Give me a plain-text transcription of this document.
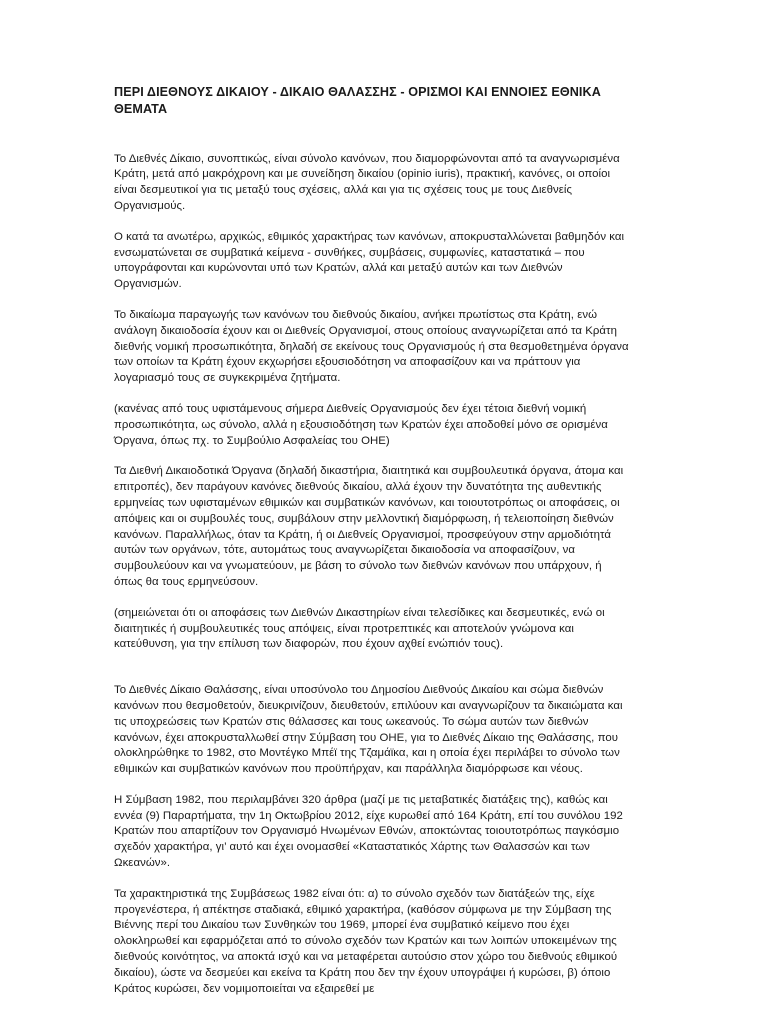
ΠΕΡΙ ΔΙΕΘΝΟΥΣ ΔΙΚΑΙΟΥ - ΔΙΚΑΙΟ ΘΑΛΑΣΣΗΣ - ΟΡΙΣΜΟΙ ΚΑΙ ΕΝΝΟΙΕΣ ΕΘΝΙΚΑ ΘΕΜΑΤΑ

Το Διεθνές Δίκαιο, συνοπτικώς, είναι σύνολο κανόνων, που διαμορφώνονται από τα αναγνωρισμένα Κράτη, μετά από μακρόχρονη και με συνείδηση δικαίου (opinio iuris), πρακτική, κανόνες, οι οποίοι είναι δεσμευτικοί για τις μεταξύ τους σχέσεις, αλλά και για τις σχέσεις τους με τους Διεθνείς Οργανισμούς.

Ο κατά τα ανωτέρω, αρχικώς, εθιμικός χαρακτήρας των κανόνων, αποκρυσταλλώνεται βαθμηδόν και ενσωματώνεται σε συμβατικά κείμενα - συνθήκες, συμβάσεις, συμφωνίες, καταστατικά – που υπογράφονται και κυρώνονται υπό των Κρατών, αλλά και μεταξύ αυτών και των Διεθνών Οργανισμών.

Το δικαίωμα παραγωγής των κανόνων του διεθνούς δικαίου, ανήκει πρωτίστως στα Κράτη, ενώ ανάλογη δικαιοδοσία έχουν και οι Διεθνείς Οργανισμοί, στους οποίους αναγνωρίζεται από τα Κράτη διεθνής νομική προσωπικότητα, δηλαδή σε εκείνους τους Οργανισμούς ή στα θεσμοθετημένα όργανα των οποίων τα Κράτη έχουν εκχωρήσει εξουσιοδότηση να αποφασίζουν και να πράττουν για λογαριασμό τους σε συγκεκριμένα ζητήματα.

(κανένας από τους υφιστάμενους σήμερα Διεθνείς Οργανισμούς δεν έχει τέτοια διεθνή νομική προσωπικότητα, ως σύνολο, αλλά η εξουσιοδότηση των Κρατών έχει αποδοθεί μόνο σε ορισμένα Όργανα, όπως πχ. το Συμβούλιο Ασφαλείας του ΟΗΕ)

Τα Διεθνή Δικαιοδοτικά Όργανα (δηλαδή δικαστήρια, διαιτητικά και συμβουλευτικά όργανα, άτομα και επιτροπές), δεν παράγουν κανόνες διεθνούς δικαίου, αλλά έχουν την δυνατότητα της αυθεντικής ερμηνείας των υφισταμένων εθιμικών και συμβατικών κανόνων, και τοιουτοτρόπως οι αποφάσεις, οι απόψεις και οι συμβουλές τους, συμβάλουν στην μελλοντική διαμόρφωση, ή τελειοποίηση διεθνών κανόνων. Παραλλήλως, όταν τα Κράτη, ή οι Διεθνείς Οργανισμοί, προσφεύγουν στην αρμοδιότητά αυτών των οργάνων, τότε, αυτομάτως τους αναγνωρίζεται δικαιοδοσία να αποφασίζουν, να συμβουλεύουν και να γνωματεύουν, με βάση το σύνολο των διεθνών κανόνων που υπάρχουν, ή όπως θα τους ερμηνεύσουν.

(σημειώνεται ότι οι αποφάσεις των Διεθνών Δικαστηρίων είναι τελεσίδικες και δεσμευτικές, ενώ οι διαιτητικές ή συμβουλευτικές τους απόψεις, είναι προτρεπτικές και αποτελούν γνώμονα και κατεύθυνση, για την επίλυση των διαφορών, που έχουν αχθεί ενώπιόν τους).

Το Διεθνές Δίκαιο Θαλάσσης, είναι υποσύνολο του Δημοσίου Διεθνούς Δικαίου και σώμα διεθνών κανόνων που θεσμοθετούν, διευκρινίζουν, διευθετούν, επιλύουν και αναγνωρίζουν τα δικαιώματα και τις υποχρεώσεις των Κρατών στις θάλασσες και τους ωκεανούς. Το σώμα αυτών των διεθνών κανόνων, έχει αποκρυσταλλωθεί στην Σύμβαση του ΟΗΕ, για το Διεθνές Δίκαιο της Θαλάσσης, που ολοκληρώθηκε το 1982, στο Μοντέγκο Μπέϊ της Τζαμάϊκα, και η οποία έχει περιλάβει το σύνολο των εθιμικών και συμβατικών κανόνων που προϋπήρχαν, και παράλληλα διαμόρφωσε και νέους.

Η Σύμβαση 1982, που περιλαμβάνει 320 άρθρα (μαζί με τις μεταβατικές διατάξεις της), καθώς και εννέα (9) Παραρτήματα, την 1η Οκτωβρίου 2012, είχε κυρωθεί από 164 Κράτη, επί του συνόλου 192 Κρατών που απαρτίζουν τον Οργανισμό Ηνωμένων Εθνών, αποκτώντας τοιουτοτρόπως παγκόσμιο σχεδόν χαρακτήρα, γι’ αυτό και έχει ονομασθεί «Καταστατικός Χάρτης των Θαλασσών και των Ωκεανών».

Τα χαρακτηριστικά της Συμβάσεως 1982 είναι ότι: α) το σύνολο σχεδόν των διατάξεών της, είχε προγενέστερα, ή απέκτησε σταδιακά, εθιμικό χαρακτήρα, (καθόσον σύμφωνα με την Σύμβαση της Βιέννης περί του Δικαίου των Συνθηκών του 1969, μπορεί ένα συμβατικό κείμενο που έχει ολοκληρωθεί και εφαρμόζεται από το σύνολο σχεδόν των Κρατών και των λοιπών υποκειμένων της διεθνούς κοινότητος, να αποκτά ισχύ και να μεταφέρεται αυτούσιο στον χώρο του διεθνούς εθιμικού δικαίου), ώστε να δεσμεύει και εκείνα τα Κράτη που δεν την έχουν υπογράψει ή κυρώσει, β) όποιο Κράτος κυρώσει, δεν νομιμοποιείται να εξαιρεθεί με
